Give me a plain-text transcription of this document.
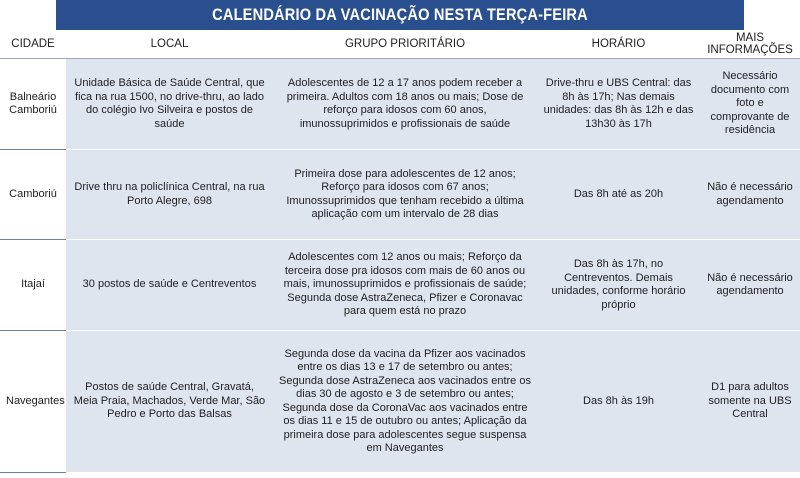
CALENDÁRIO DA VACINAÇÃO NESTA TERÇA-FEIRA
CIDADE	LOCAL	GRUPO PRIORITÁRIO	HORÁRIO	MAIS INFORMAÇÕES
Balneário Camboriú	Unidade Básica de Saúde Central, que fica na rua 1500, no drive-thru, ao lado do colégio Ivo Silveira e postos de saúde	Adolescentes de 12 a 17 anos podem receber a primeira. Adultos com 18 anos ou mais; Dose de reforço para idosos com 60 anos, imunossuprimidos e profissionais de saúde	Drive-thru e UBS Central: das 8h às 17h; Nas demais unidades: das 8h às 12h e das 13h30 às 17h	Necessário documento com foto e comprovante de residência
Camboriú	Drive thru na policlínica Central, na rua Porto Alegre, 698	Primeira dose para adolescentes de 12 anos; Reforço para idosos com 67 anos; Imunossuprimidos que tenham recebido a última aplicação com um intervalo de 28 dias	Das 8h até as 20h	Não é necessário agendamento
Itajaí	30 postos de saúde e Centreventos	Adolescentes com 12 anos ou mais; Reforço da terceira dose pra idosos com mais de 60 anos ou mais, imunossuprimidos e profissionais de saúde; Segunda dose AstraZeneca, Pfizer e Coronavac para quem está no prazo	Das 8h às 17h, no Centreventos. Demais unidades, conforme horário próprio	Não é necessário agendamento
Navegantes	Postos de saúde Central, Gravatá, Meia Praia, Machados, Verde Mar, São Pedro e Porto das Balsas	Segunda dose da vacina da Pfizer aos vacinados entre os dias 13 e 17 de setembro ou antes; Segunda dose AstraZeneca aos vacinados entre os dias 30 de agosto e 3 de setembro ou antes; Segunda dose da CoronaVac aos vacinados entre os dias 11 e 15 de outubro ou antes; Aplicação da primeira dose para adolescentes segue suspensa em Navegantes	Das 8h às 19h	D1 para adultos somente na UBS Central
